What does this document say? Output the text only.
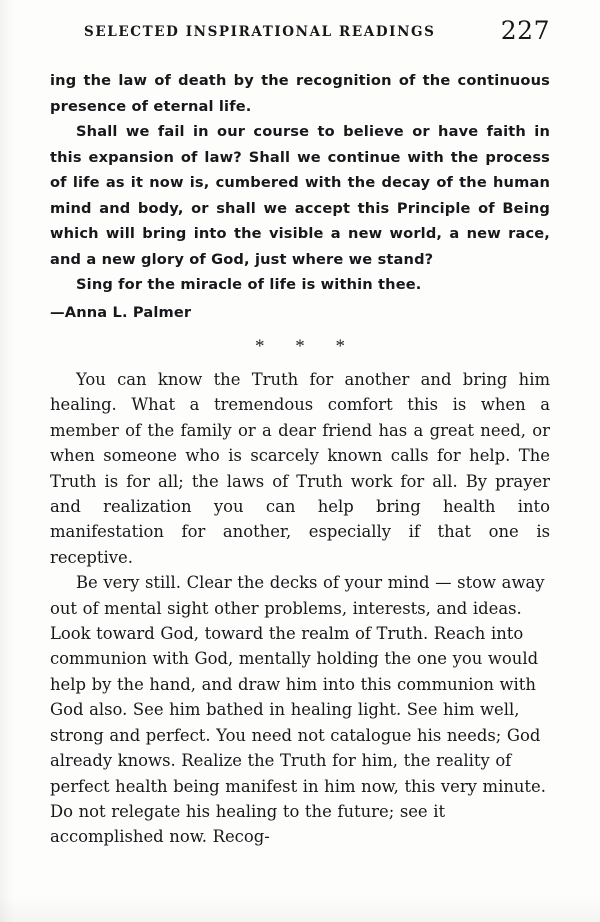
SELECTED INSPIRATIONAL READINGS	227

ing the law of death by the recognition of the continuous presence of eternal life.

Shall we fail in our course to believe or have faith in this expansion of law? Shall we continue with the process of life as it now is, cumbered with the decay of the human mind and body, or shall we accept this Principle of Being which will bring into the visible a new world, a new race, and a new glory of God, just where we stand?

Sing for the miracle of life is within thee.

—Anna L. Palmer

* * *

You can know the Truth for another and bring him healing. What a tremendous comfort this is when a member of the family or a dear friend has a great need, or when someone who is scarcely known calls for help. The Truth is for all; the laws of Truth work for all. By prayer and realization you can help bring health into manifestation for another, especially if that one is receptive.

Be very still. Clear the decks of your mind — stow away out of mental sight other problems, interests, and ideas. Look toward God, toward the realm of Truth. Reach into communion with God, mentally holding the one you would help by the hand, and draw him into this communion with God also. See him bathed in healing light. See him well, strong and perfect. You need not catalogue his needs; God already knows. Realize the Truth for him, the reality of perfect health being manifest in him now, this very minute. Do not relegate his healing to the future; see it accomplished now. Recog-
